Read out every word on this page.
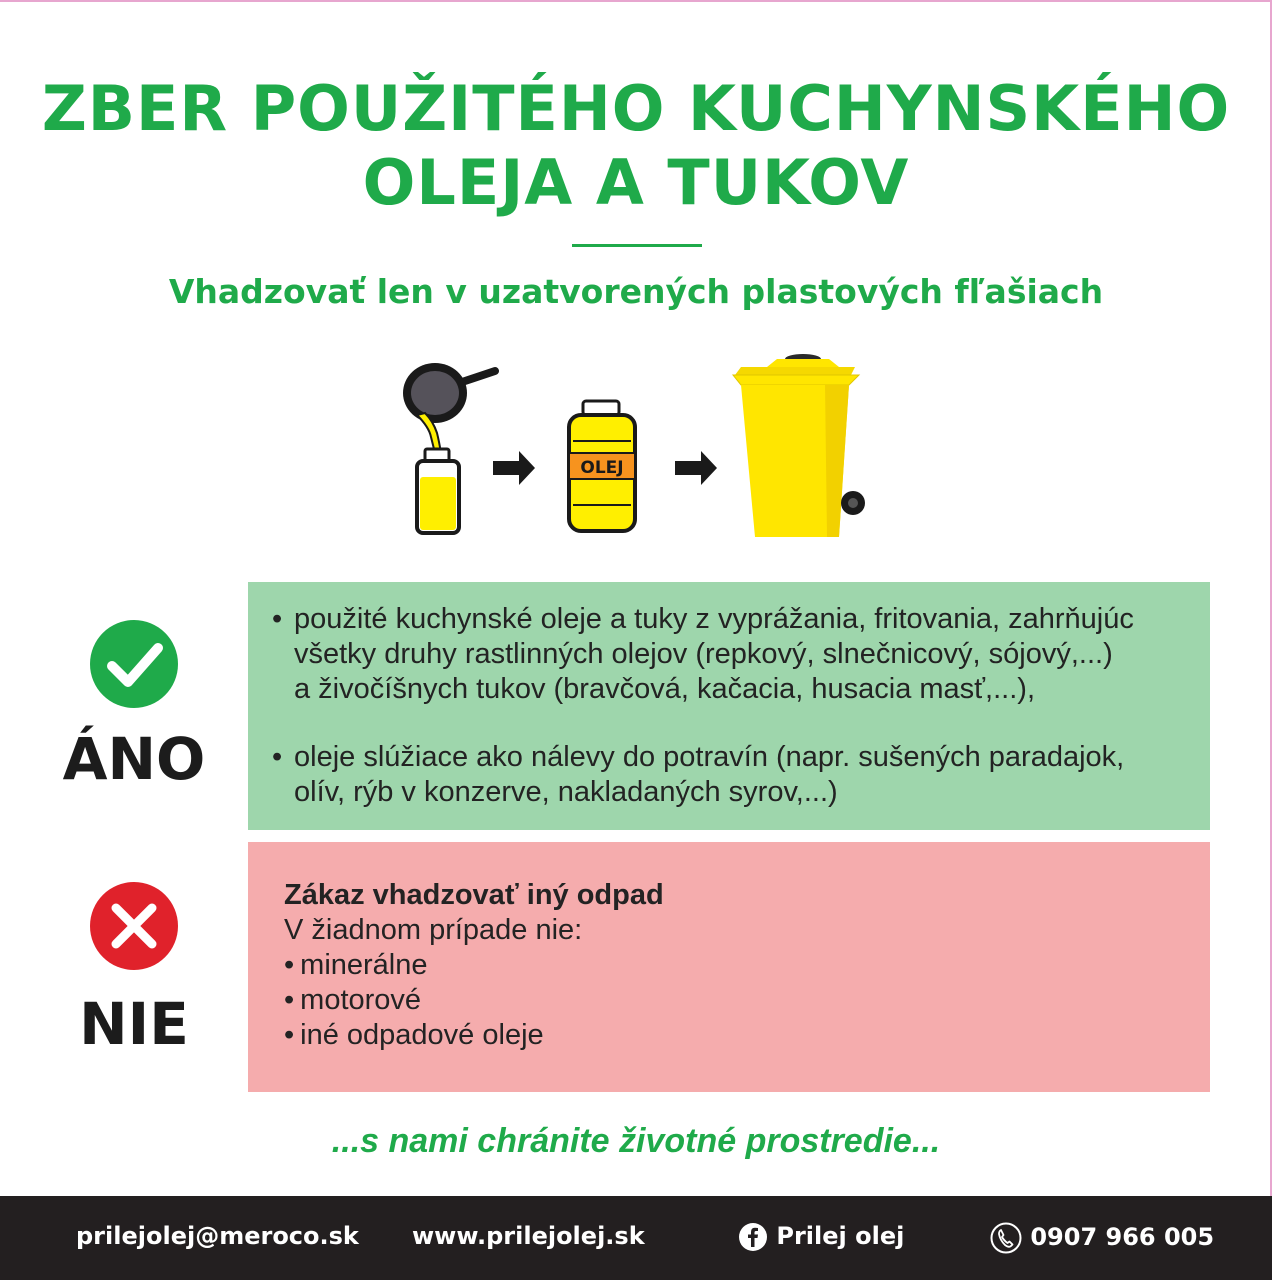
ZBER POUŽITÉHO KUCHYNSKÉHO
OLEJA A TUKOV
Vhadzovať len v uzatvorených plastových fľašiach
OLEJ
ÁNO
• použité kuchynské oleje a tuky z vyprážania, fritovania, zahrňujúc
všetky druhy rastlinných olejov (repkový, slnečnicový, sójový,...)
a živočíšnych tukov (bravčová, kačacia, husacia masť,...),
• oleje slúžiace ako nálevy do potravín (napr. sušených paradajok,
olív, rýb v konzerve, nakladaných syrov,...)
NIE
Zákaz vhadzovať iný odpad
V žiadnom prípade nie:
• minerálne
• motorové
• iné odpadové oleje
...s nami chránite životné prostredie...
prilejolej@meroco.sk www.prilejolej.sk	Prilej olej	0907 966 005
